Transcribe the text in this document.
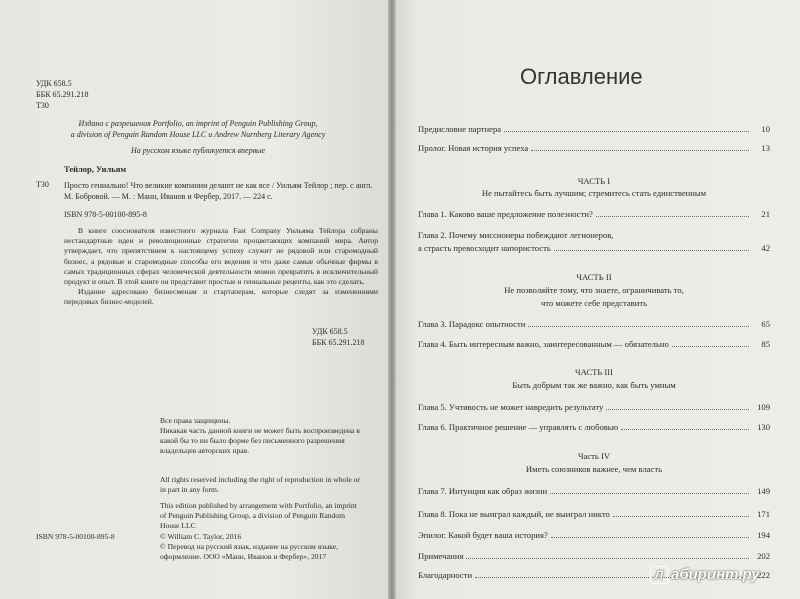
УДК 658.5
ББК 65.291.218
Т30
Издано с разрешения Portfolio, an imprint of Penguin Publishing Group,
a division of Penguin Random House LLC и Andrew Nurnberg Literary Agency
На русском языке публикуется впервые
Тейлор, Уильям
Т30 Просто гениально! Что великие компании делают не как все / Уильям Тейлор ; пер. с англ. М. Бобровой. — М. : Манн, Иванов и Фербер, 2017. — 224 с.
ISBN 978-5-00100-895-8

В книге сооснователя известного журнала Fast Company Уильяма Тейлора собраны нестандартные идеи и революционные стратегии процветающих компаний мира. Автор утверждает, что препятствием к настоящему успеху служит не рядовой или старомодный бизнес, а рядовые и старомодные способы его ведения и что даже самые обычные фирмы в самых традиционных сферах человеческой деятельности можно превратить в исключительный продукт и опыт. В этой книге он представит простые и гениальные рецепты, как это сделать.

Издание адресовано бизнесменам и стартаперам, которые следят за изменениями передовых бизнес-моделей.

УДК 658.5
ББК 65.291.218

Все права защищены.

Никакая часть данной книги не может быть воспроизведена в какой бы то ни было форме без письменного разрешения владельцев авторских прав.

All rights reserved including the right of reproduction in whole or in part in any form.

This edition published by arrangement with Portfolio, an imprint of Penguin Publishing Group, a division of Penguin Random House LLC

ISBN 978-5-00100-895-8	© William C. Taylor, 2016
© Перевод на русский язык, издание на русском языке,
оформление. ООО «Манн, Иванов и Фербер», 2017
Оглавление
Предисловие партнера	10
Пролог. Новая история успеха	13
ЧАСТЬ I
Не пытайтесь быть лучшим; стремитесь стать единственным
Глава 1. Каково ваше предложение полезности?	21
Глава 2. Почему миссионеры побеждают легионеров,
а страсть превосходит напористость	42
ЧАСТЬ II
Не позволяйте тому, что знаете, ограничивать то,
что можете себе представить
Глава 3. Парадокс опытности	65
Глава 4. Быть интересным важно, заинтересованным — обязательно	85
ЧАСТЬ III
Быть добрым так же важно, как быть умным
Глава 5. Учтивость не может навредить результату	109
Глава 6. Практичное решение — управлять с любовью	130
Часть IV
Иметь союзников важнее, чем власть
Глава 7. Интуиция как образ жизни	149
Глава 8. Пока не выиграл каждый, не выиграл никто	171
Эпилог. Какой будет ваша история?	194
Примечания	202
Благодарности	222
Л абиринт.ру
